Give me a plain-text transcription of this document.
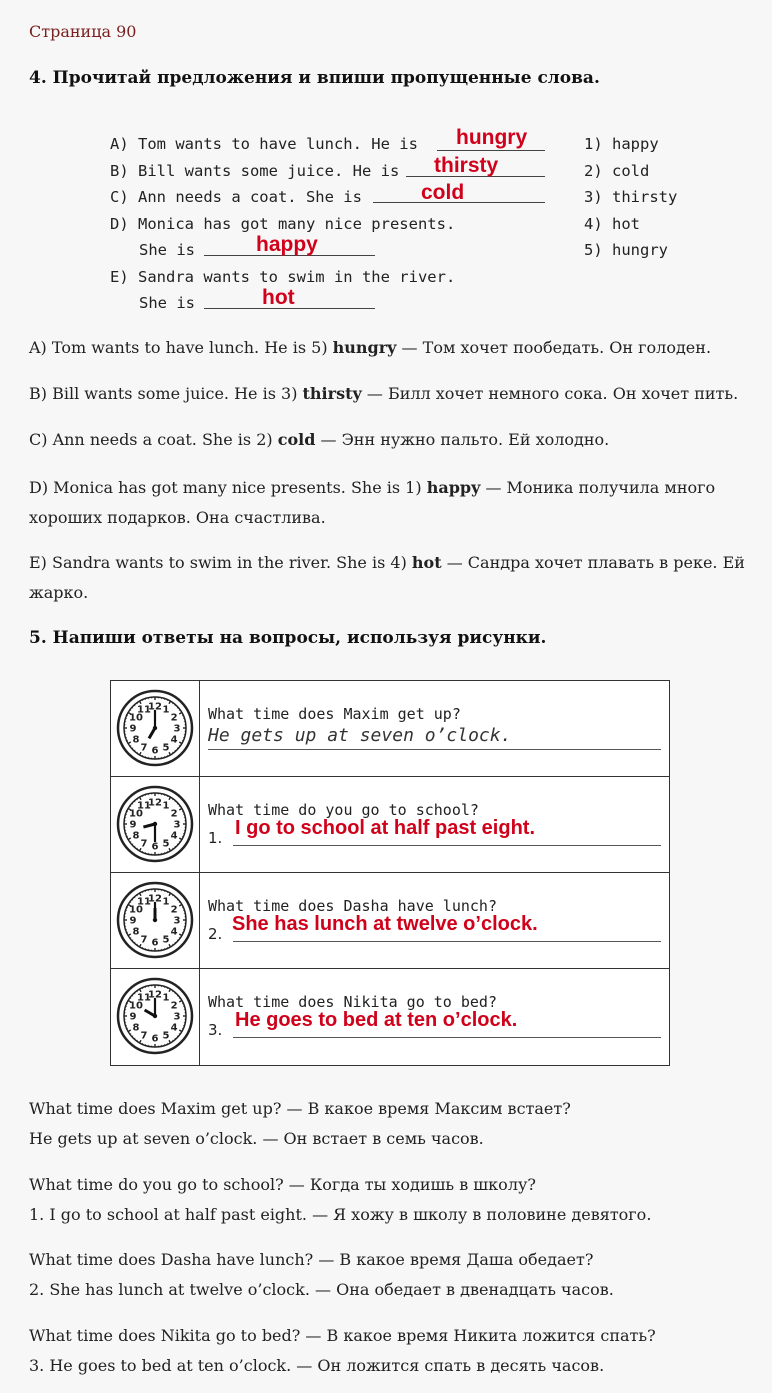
Страница 90
4. Прочитай предложения и впиши пропущенные слова.
A) Tom wants to have lunch. He is hungry
B) Bill wants some juice. He is thirsty
C) Ann needs a coat. She is	cold
D) Monica has got many nice presents.
She is	happy
E) Sandra wants to swim in the river.
She is	hot
1) happy
2) cold
3) thirsty
4) hot
5) hungry
A) Tom wants to have lunch. He is 5) hungry — Том хочет пообедать. Он голоден.
B) Bill wants some juice. He is 3) thirsty — Билл хочет немного сока. Он хочет пить.
C) Ann needs a coat. She is 2) cold — Энн нужно пальто. Ей холодно.
D) Monica has got many nice presents. She is 1) happy — Моника получила много хороших подарков. Она счастлива.
E) Sandra wants to swim in the river. She is 4) hot — Сандра хочет плавать в реке. Ей жарко.
5. Напиши ответы на вопросы, используя рисунки.
1
2
3
4
5
6
7
8
9
10
11
12	What time does Maxim get up?
He gets up at seven o’clock.
1
2
3
4
5
6
7
8
9
10
11
12	What time do you go to school?
1. I go to school at half past eight.
1
2
3
4
5
6
7
8
9
10
11
12	What time does Dasha have lunch?
2. She has lunch at twelve o’clock.
1
2
3
4
5
6
7
8
9
10
11
12	What time does Nikita go to bed?
3. He goes to bed at ten o’clock.
What time does Maxim get up? — В какое время Максим встает?
He gets up at seven o’clock. — Он встает в семь часов.
What time do you go to school? — Когда ты ходишь в школу?
1. I go to school at half past eight. — Я хожу в школу в половине девятого.
What time does Dasha have lunch? — В какое время Даша обедает?
2. She has lunch at twelve o’clock. — Она обедает в двенадцать часов.
What time does Nikita go to bed? — В какое время Никита ложится спать?
3. He goes to bed at ten o’clock. — Он ложится спать в десять часов.
